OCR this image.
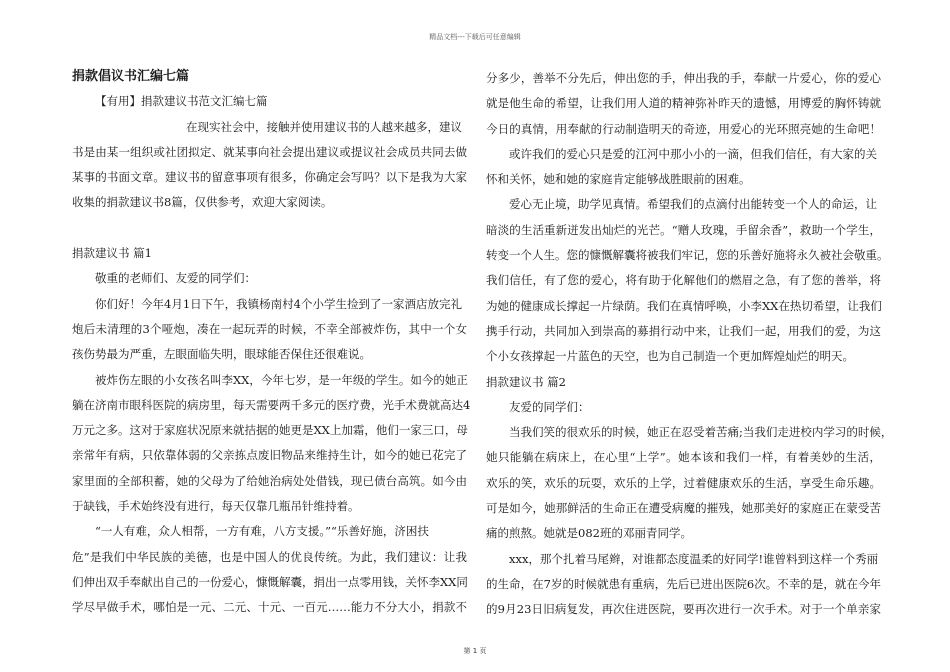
精品文档---下载后可任意编辑
捐款倡议书汇编七篇
【有用】捐款建议书范文汇编七篇
在现实社会中，接触并使用建议书的人越来越多，建议
书是由某一组织或社团拟定、就某事向社会提出建议或提议社会成员共同去做
某事的书面文章。建议书的留意事项有很多，你确定会写吗？以下是我为大家
收集的捐款建议书8篇，仅供参考，欢迎大家阅读。
捐款建议书 篇1
敬重的老师们、友爱的同学们：
你们好！今年4月1日下午，我镇杨南村4个小学生捡到了一家酒店放完礼
炮后未清理的3个哑炮，凑在一起玩弄的时候，不幸全部被炸伤，其中一个女
孩伤势最为严重，左眼面临失明，眼球能否保住还很难说。
被炸伤左眼的小女孩名叫李XX，今年七岁，是一年级的学生。如今的她正
躺在济南市眼科医院的病房里，每天需要两千多元的医疗费，光手术费就高达4
万元之多。这对于家庭状况原来就拮据的她更是XX上加霜，他们一家三口，母
亲常年有病，只依靠体弱的父亲拣点废旧物品来维持生计，如今的她已花完了
家里面的全部积蓄，她的父母为了给她治病处处借钱，现已债台高筑。如今由
于缺钱，手术始终没有进行，每天仅靠几瓶吊针维持着。
“一人有难，众人相帮，一方有难，八方支援。”“乐善好施，济困扶
危”是我们中华民族的美德，也是中国人的优良传统。为此，我们建议：让我
们伸出双手奉献出自己的一份爱心，慷慨解囊，捐出一点零用钱，关怀李XX同
学尽早做手术，哪怕是一元、二元、十元、一百元……能力不分大小，捐款不
分多少，善举不分先后，伸出您的手，伸出我的手，奉献一片爱心，你的爱心
就是他生命的希望，让我们用人道的精神弥补昨天的遗憾，用博爱的胸怀铸就
今日的真情，用奉献的行动制造明天的奇迹，用爱心的光环照亮她的生命吧！
或许我们的爱心只是爱的江河中那小小的一滴，但我们信任，有大家的关
怀和关怀，她和她的家庭肯定能够战胜眼前的困难。
爱心无止境，助学见真情。希望我们的点滴付出能转变一个人的命运，让
暗淡的生活重新迸发出灿烂的光芒。“赠人玫瑰，手留余香”，救助一个学生，
转变一个人生。您的慷慨解囊将被我们牢记，您的乐善好施将永久被社会敬重。
我们信任，有了您的爱心，将有助于化解他们的燃眉之急，有了您的善举，将
为她的健康成长撑起一片绿荫。我们在真情呼唤，小李XX在热切希望，让我们
携手行动，共同加入到崇高的募捐行动中来，让我们一起，用我们的爱，为这
个小女孩撑起一片蓝色的天空，也为自己制造一个更加辉煌灿烂的明天。
捐款建议书 篇2
友爱的同学们：
当我们笑的很欢乐的时候，她正在忍受着苦痛;当我们走进校内学习的时候，
她只能躺在病床上，在心里“上学”。她本该和我们一样，有着美妙的生活，
欢乐的笑，欢乐的玩耍，欢乐的上学，过着健康欢乐的生活，享受生命乐趣。
可是如今，她那鲜活的生命正在遭受病魔的摧残，她那美好的家庭正在蒙受苦
痛的煎熬。她就是082班的邓丽青同学。
xxx，那个扎着马尾辫，对谁都态度温柔的好同学!谁曾料到这样一个秀丽
的生命，在7岁的时候就患有重病，先后已进出医院6次。不幸的是，就在今年
的9月23日旧病复发，再次住进医院，要再次进行一次手术。对于一个单亲家
第 1 页
